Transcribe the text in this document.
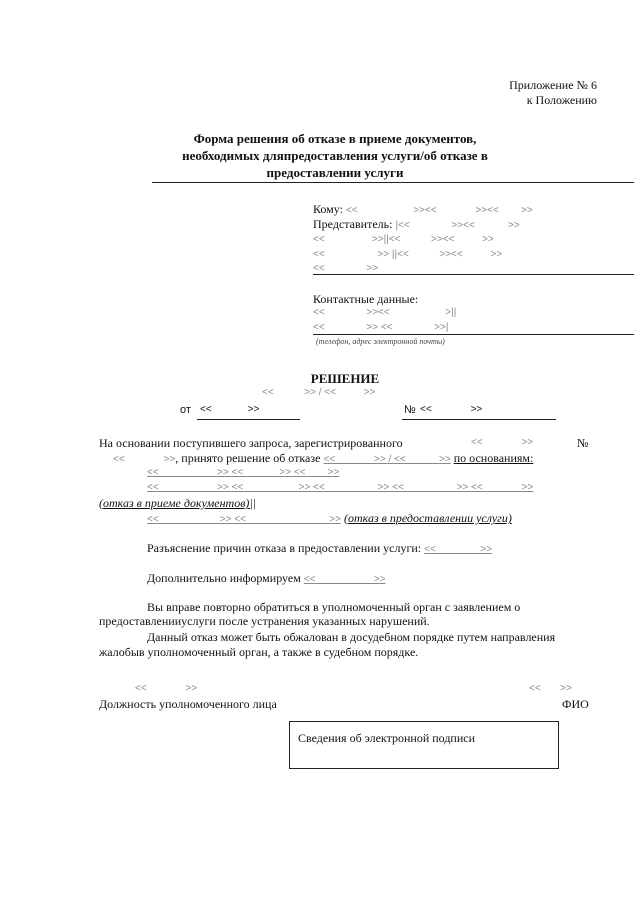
Приложение № 6
к Положению
Форма решения об отказе в приеме документов,
необходимых дляпредоставления услуги/об отказе в
предоставлении услуги
Кому: <<                    >><<              >><<        >>
Представитель: |<<               >><<            >>
<<                 >>||<<           >><<          >>
<<                   >> ||<<           >><<          >>
<<               >>
Контактные данные:
<<               >><<                    >||
<<               >> <<               >>|
(телефон, адрес электронной почты)
РЕШЕНИЕ
<<           >> / <<          >>
от <<             >>	№ <<              >>
На основании поступившего запроса, зарегистрированного	<<              >>	№
<<              >>, принято решение об отказе <<              >> / <<            >> по основаниям:
<<                     >> <<             >> <<        >>
<<                     >> <<                    >> <<                   >> <<                   >> <<              >>
(отказ в приеме документов)||
<<                      >> <<                              >> (отказ в предоставлении услуги)
Разъяснение причин отказа в предоставлении услуги: <<                >>
Дополнительно информируем <<                     >>
Вы вправе повторно обратиться в уполномоченный орган с заявлением о
предоставленииуслуги после устранения указанных нарушений.
Данный отказ может быть обжалован в досудебном порядке путем направления
жалобыв уполномоченный орган, а также в судебном порядке.
<<              >>	<<       >>
Должность уполномоченного лица	ФИО
Сведения об электронной подписи
